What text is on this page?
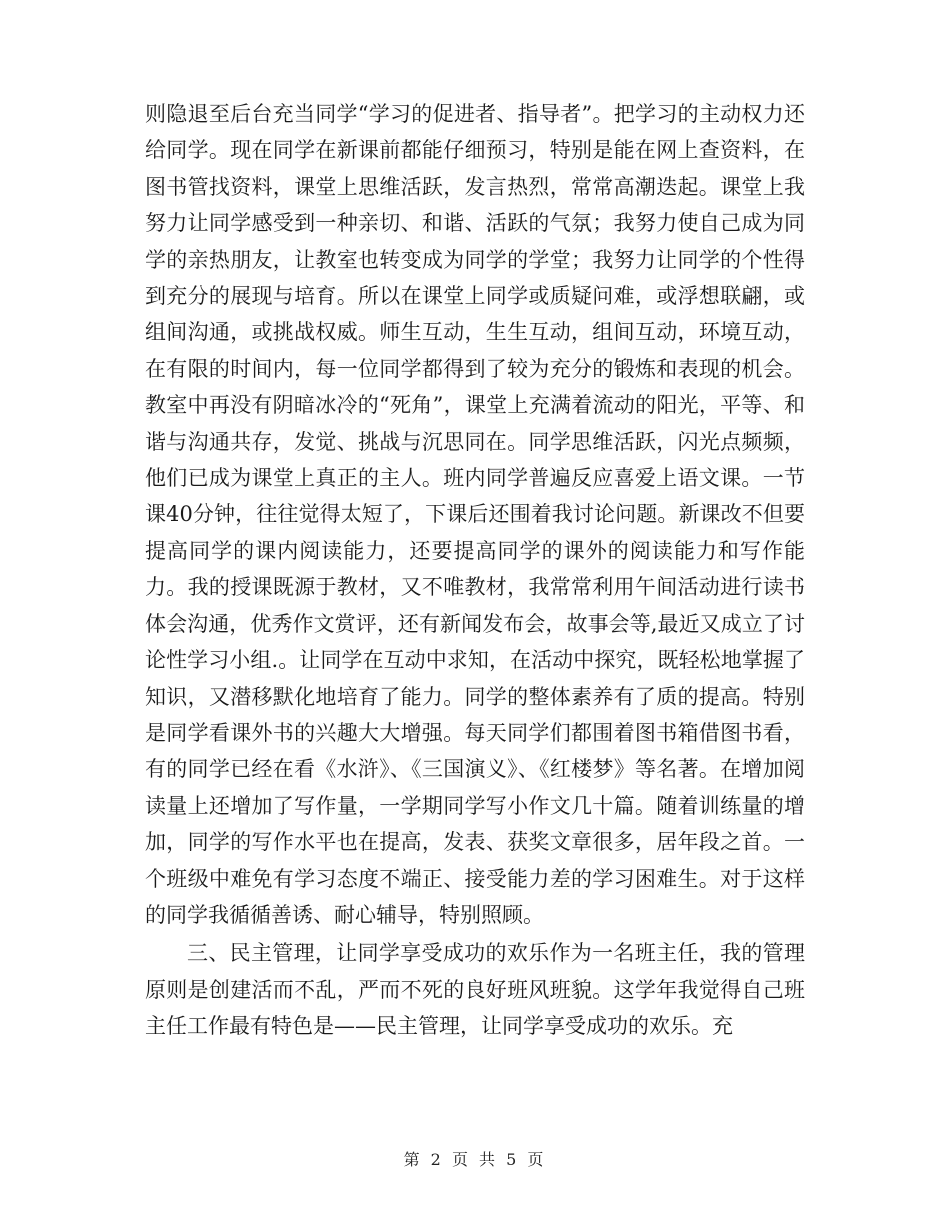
则隐退至后台充当同学“学习的促进者、指导者”。把学习的主动权力还给同学。现在同学在新课前都能仔细预习，特别是能在网上查资料，在图书管找资料，课堂上思维活跃，发言热烈，常常高潮迭起。课堂上我努力让同学感受到一种亲切、和谐、活跃的气氛；我努力使自己成为同学的亲热朋友，让教室也转变成为同学的学堂；我努力让同学的个性得到充分的展现与培育。所以在课堂上同学或质疑问难，或浮想联翩，或组间沟通，或挑战权威。师生互动，生生互动，组间互动，环境互动，在有限的时间内，每一位同学都得到了较为充分的锻炼和表现的机会。教室中再没有阴暗冰冷的“死角”，课堂上充满着流动的阳光，平等、和谐与沟通共存，发觉、挑战与沉思同在。同学思维活跃，闪光点频频，他们已成为课堂上真正的主人。班内同学普遍反应喜爱上语文课。一节课40分钟，往往觉得太短了，下课后还围着我讨论问题。新课改不但要提高同学的课内阅读能力，还要提高同学的课外的阅读能力和写作能力。我的授课既源于教材，又不唯教材，我常常利用午间活动进行读书体会沟通，优秀作文赏评，还有新闻发布会，故事会等,最近又成立了讨论性学习小组.。让同学在互动中求知，在活动中探究，既轻松地掌握了知识，又潜移默化地培育了能力。同学的整体素养有了质的提高。特别是同学看课外书的兴趣大大增强。每天同学们都围着图书箱借图书看，有的同学已经在看《水浒》、《三国演义》、《红楼梦》等名著。在增加阅读量上还增加了写作量，一学期同学写小作文几十篇。随着训练量的增加，同学的写作水平也在提高，发表、获奖文章很多，居年段之首。一个班级中难免有学习态度不端正、接受能力差的学习困难生。对于这样的同学我循循善诱、耐心辅导，特别照顾。

三、民主管理，让同学享受成功的欢乐作为一名班主任，我的管理原则是创建活而不乱，严而不死的良好班风班貌。这学年我觉得自己班主任工作最有特色是——民主管理，让同学享受成功的欢乐。充

第 2 页 共 5 页
